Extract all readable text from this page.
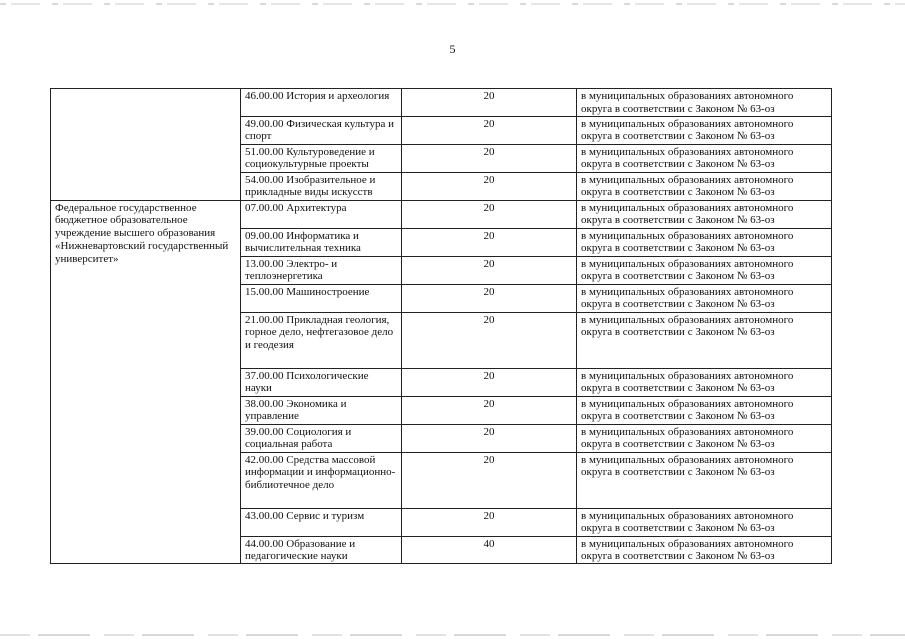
5
	46.00.00 История и археология	20	в муниципальных образованиях автономного округа в соответствии с Законом № 63-оз
	49.00.00 Физическая культура и спорт	20	в муниципальных образованиях автономного округа в соответствии с Законом № 63-оз
	51.00.00 Культуроведение и социокультурные проекты	20	в муниципальных образованиях автономного округа в соответствии с Законом № 63-оз
	54.00.00 Изобразительное и прикладные виды искусств	20	в муниципальных образованиях автономного округа в соответствии с Законом № 63-оз
Федеральное государственное бюджетное образовательное учреждение высшего образования «Нижневартовский государственный университет»	07.00.00 Архитектура	20	в муниципальных образованиях автономного округа в соответствии с Законом № 63-оз
	09.00.00 Информатика и вычислительная техника	20	в муниципальных образованиях автономного округа в соответствии с Законом № 63-оз
	13.00.00 Электро- и теплоэнергетика	20	в муниципальных образованиях автономного округа в соответствии с Законом № 63-оз
	15.00.00 Машиностроение	20	в муниципальных образованиях автономного округа в соответствии с Законом № 63-оз
	21.00.00 Прикладная геология, горное дело, нефтегазовое дело и геодезия	20	в муниципальных образованиях автономного округа в соответствии с Законом № 63-оз
	37.00.00 Психологические науки	20	в муниципальных образованиях автономного округа в соответствии с Законом № 63-оз
	38.00.00 Экономика и управление	20	в муниципальных образованиях автономного округа в соответствии с Законом № 63-оз
	39.00.00 Социология и социальная работа	20	в муниципальных образованиях автономного округа в соответствии с Законом № 63-оз
	42.00.00 Средства массовой информации и информационно-библиотечное дело	20	в муниципальных образованиях автономного округа в соответствии с Законом № 63-оз
	43.00.00 Сервис и туризм	20	в муниципальных образованиях автономного округа в соответствии с Законом № 63-оз
	44.00.00 Образование и педагогические науки	40	в муниципальных образованиях автономного округа в соответствии с Законом № 63-оз
